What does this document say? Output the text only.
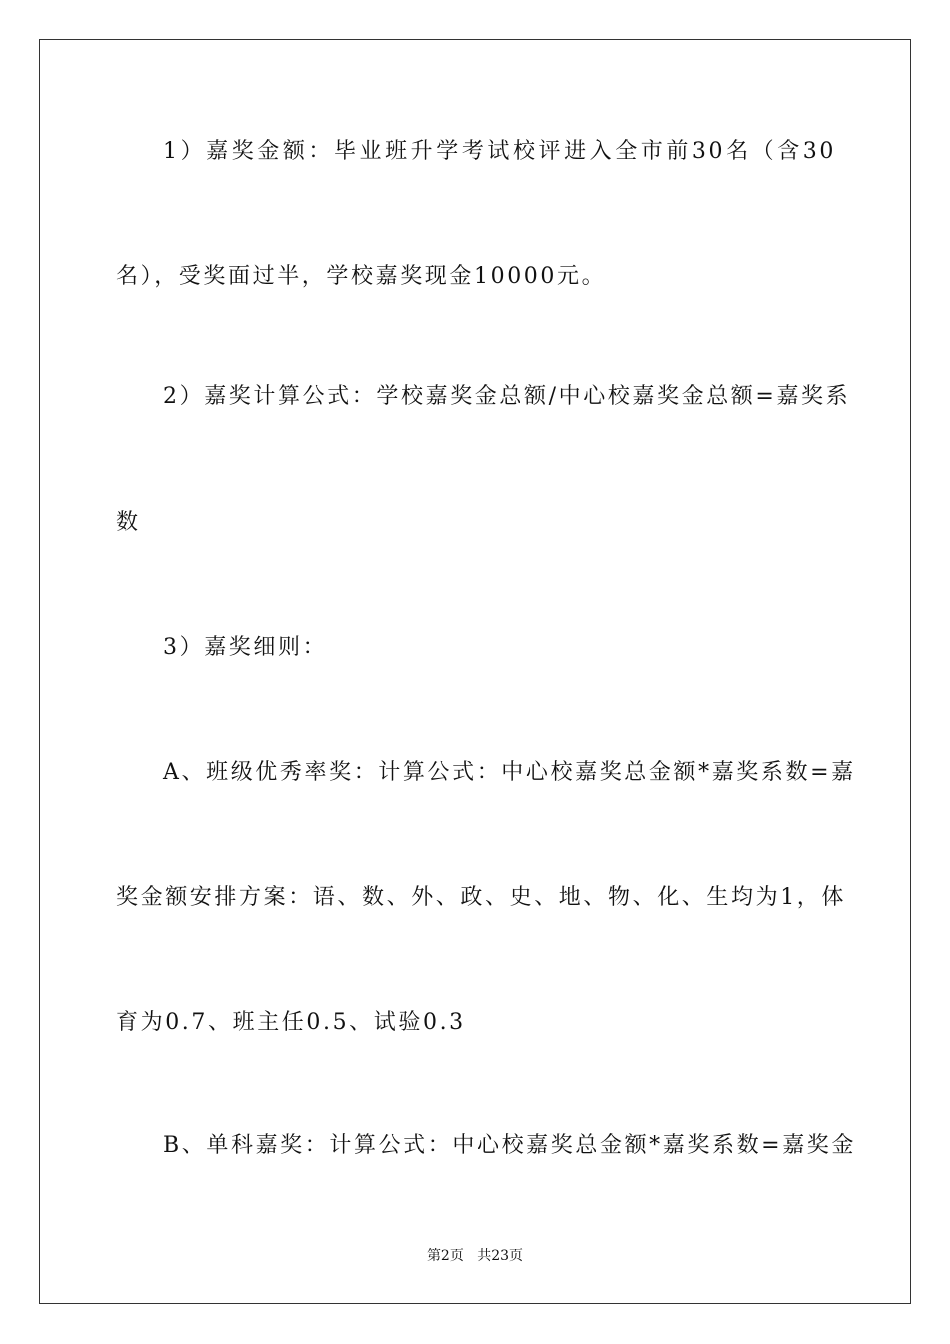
1）嘉奖金额：毕业班升学考试校评进入全市前30名（含30
名），受奖面过半，学校嘉奖现金10000元。
2）嘉奖计算公式：学校嘉奖金总额/中心校嘉奖金总额=嘉奖系
数
3）嘉奖细则：
A、班级优秀率奖：计算公式：中心校嘉奖总金额*嘉奖系数=嘉
奖金额安排方案：语、数、外、政、史、地、物、化、生均为1，体
育为0.7、班主任0.5、试验0.3
B、单科嘉奖：计算公式：中心校嘉奖总金额*嘉奖系数=嘉奖金
第2页 共23页
